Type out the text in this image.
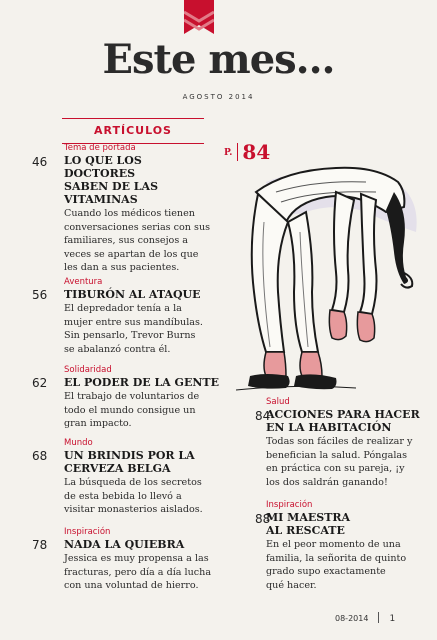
Este mes...
AGOSTO 2014
ARTÍCULOS
46
Tema de portada
LO QUE LOS DOCTORES
SABEN DE LAS
VITAMINAS
Cuando los médicos tienen
conversaciones serias con sus
familiares, sus consejos a
veces se apartan de los que
les dan a sus pacientes.
56
Aventura
TIBURÓN AL ATAQUE
El depredador tenía a la
mujer entre sus mandíbulas.
Sin pensarlo, Trevor Burns
se abalanzó contra él.
62
Solidaridad
EL PODER DE LA GENTE
El trabajo de voluntarios de
todo el mundo consigue un
gran impacto.
68
Mundo
UN BRINDIS POR LA
CERVEZA BELGA
La búsqueda de los secretos
de esta bebida lo llevó a
visitar monasterios aislados.
78
Inspiración
NADA LA QUIEBRA
Jessica es muy propensa a las
fracturas, pero día a día lucha
con una voluntad de hierro.
$^{P.}$ 84
84
Salud
ACCIONES PARA HACER
EN LA HABITACIÓN
Todas son fáciles de realizar y
benefician la salud. Póngalas
en práctica con su pareja, ¡y
los dos saldrán ganando!
88
Inspiración
MI MAESTRA
AL RESCATE
En el peor momento de una
familia, la señorita de quinto
grado supo exactamente
qué hacer.
08-2014 1
